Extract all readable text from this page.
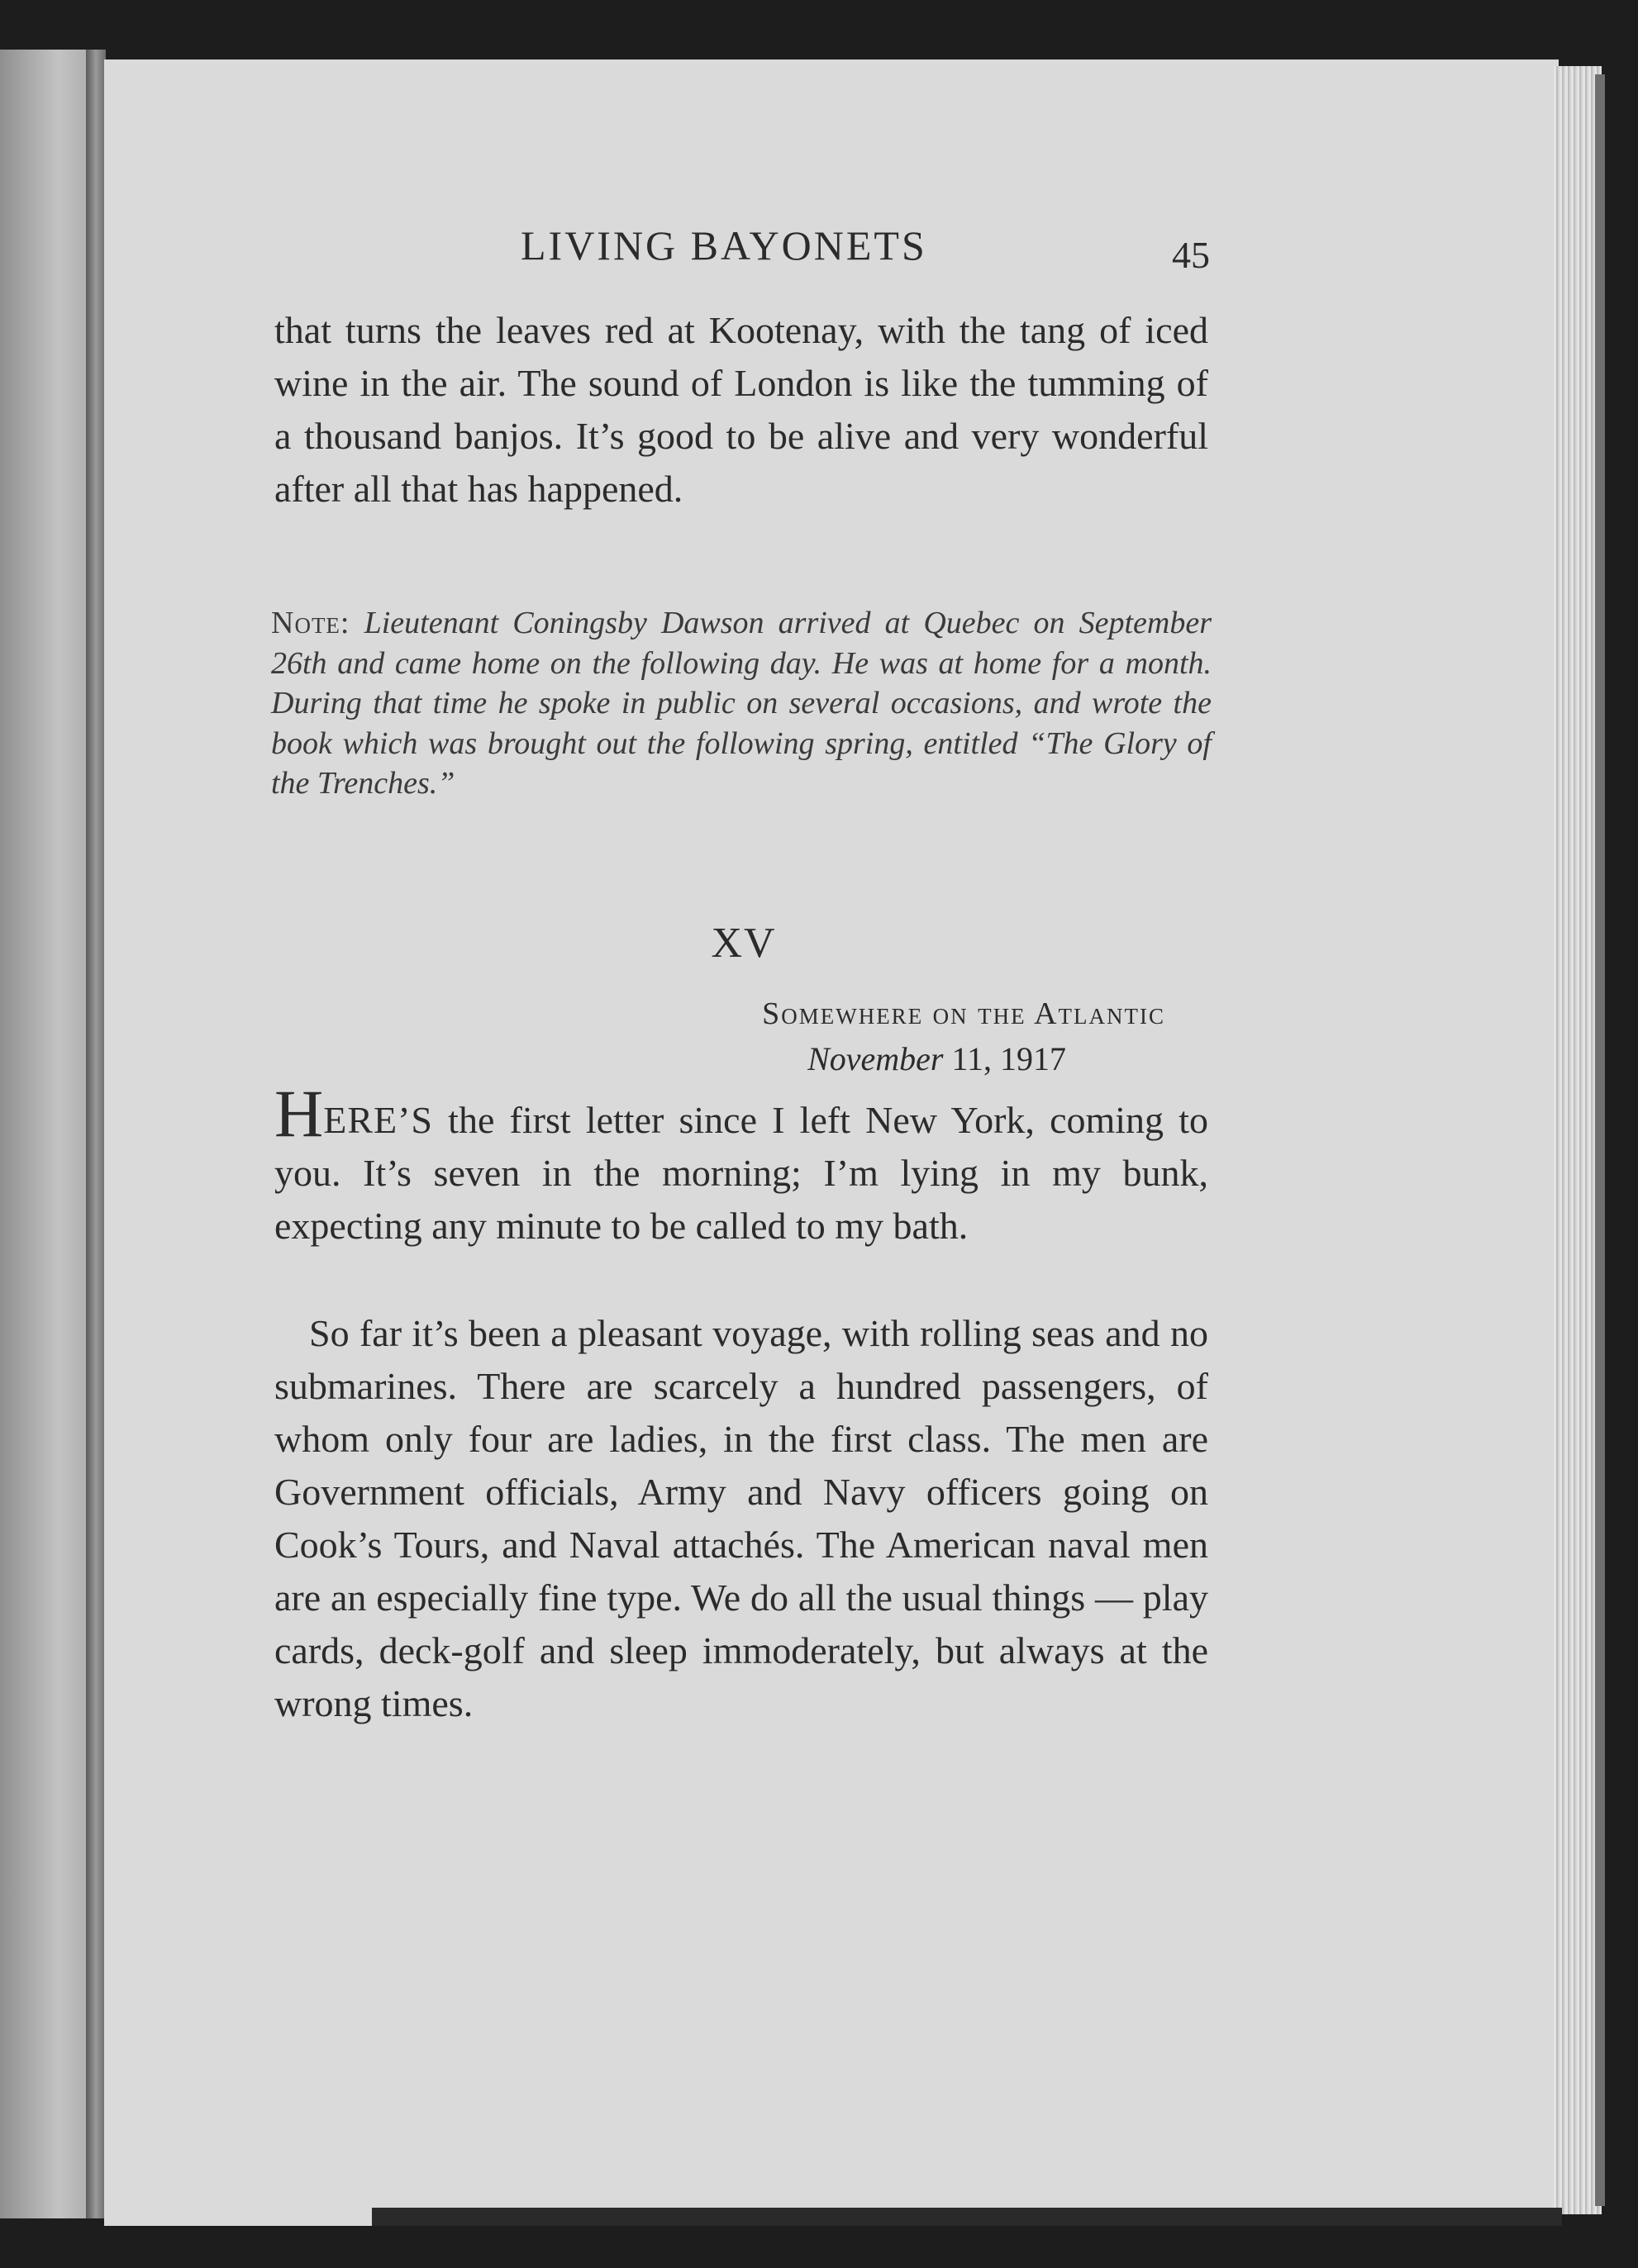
LIVING BAYONETS	45

that turns the leaves red at Kootenay, with the tang of iced wine in the air. The sound of London is like the tumming of a thousand banjos. It’s good to be alive and very wonderful after all that has happened.

Note: Lieutenant Coningsby Dawson arrived at Quebec on September 26th and came home on the following day. He was at home for a month. During that time he spoke in public on several occasions, and wrote the book which was brought out the following spring, entitled “The Glory of the Trenches.”

XV

Somewhere on the Atlantic

November 11, 1917

HERE’S the first letter since I left New York, coming to you. It’s seven in the morning; I’m lying in my bunk, expecting any minute to be called to my bath.

So far it’s been a pleasant voyage, with rolling seas and no submarines. There are scarcely a hundred passengers, of whom only four are ladies, in the first class. The men are Government officials, Army and Navy officers going on Cook’s Tours, and Naval attachés. The American naval men are an especially fine type. We do all the usual things — play cards, deck-golf and sleep immoderately, but always at the wrong times.
